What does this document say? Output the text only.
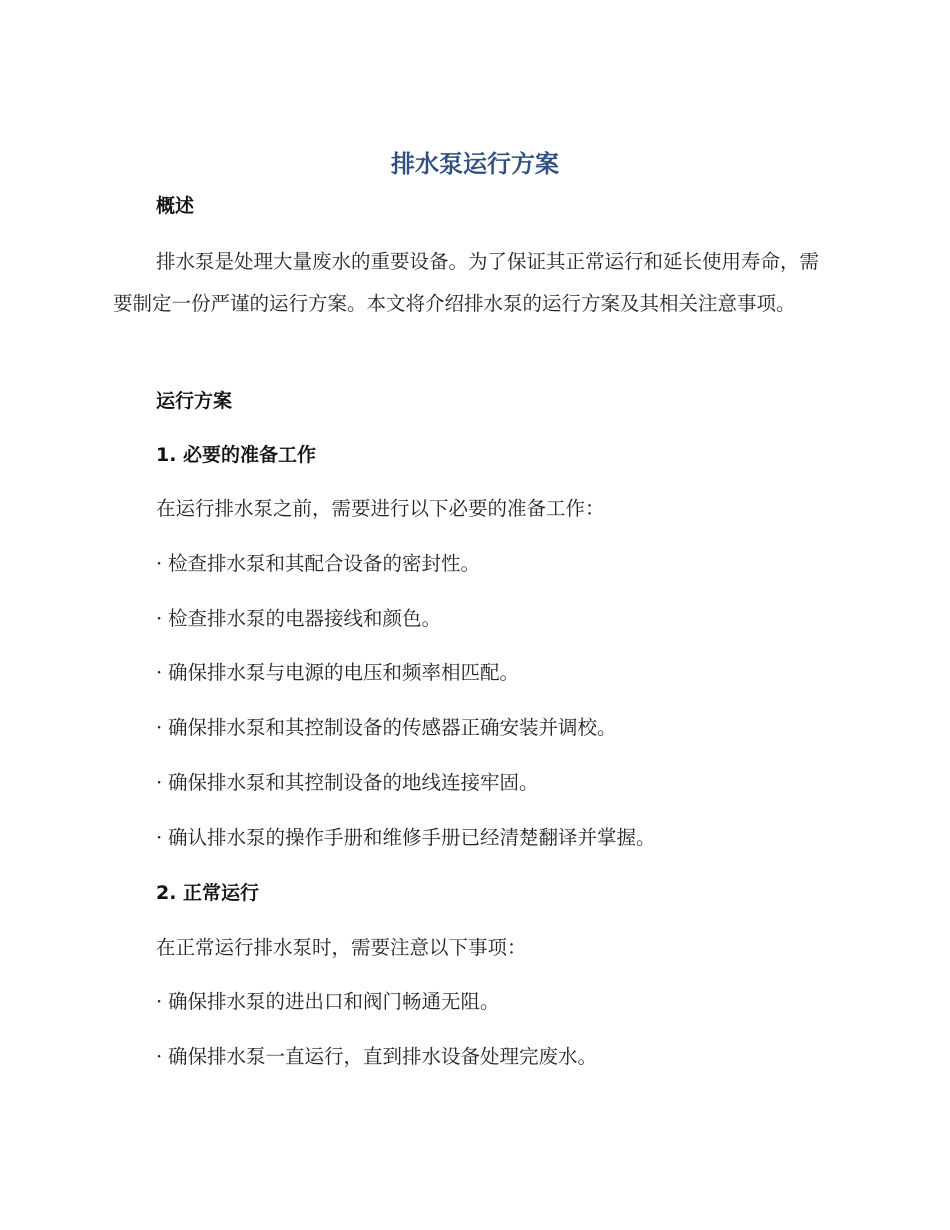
排水泵运行方案
概述
排水泵是处理大量废水的重要设备。为了保证其正常运行和延长使用寿命，需要制定一份严谨的运行方案。本文将介绍排水泵的运行方案及其相关注意事项。
运行方案
1. 必要的准备工作
在运行排水泵之前，需要进行以下必要的准备工作：
· 检查排水泵和其配合设备的密封性。
· 检查排水泵的电器接线和颜色。
· 确保排水泵与电源的电压和频率相匹配。
· 确保排水泵和其控制设备的传感器正确安装并调校。
· 确保排水泵和其控制设备的地线连接牢固。
· 确认排水泵的操作手册和维修手册已经清楚翻译并掌握。
2. 正常运行
在正常运行排水泵时，需要注意以下事项：
· 确保排水泵的进出口和阀门畅通无阻。
· 确保排水泵一直运行，直到排水设备处理完废水。
